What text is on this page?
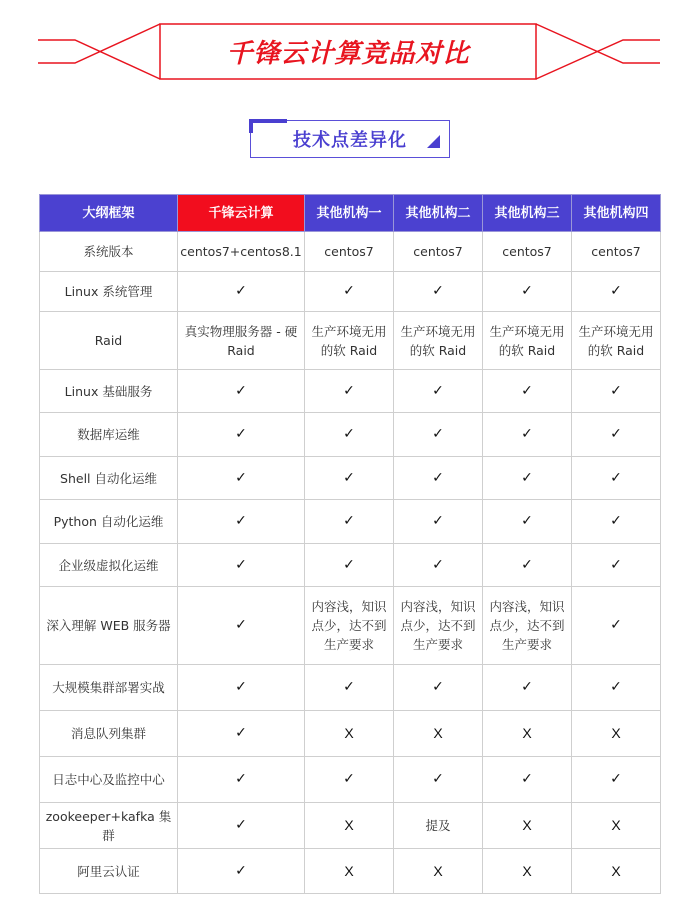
千锋云计算竞品对比
技术点差异化
大纲框架	千锋云计算	其他机构一	其他机构二	其他机构三	其他机构四
系统版本	centos7+centos8.1	centos7	centos7	centos7	centos7
Linux 系统管理	✓	✓	✓	✓	✓
Raid	真实物理服务器 - 硬 Raid	生产环境无用的软 Raid	生产环境无用的软 Raid	生产环境无用的软 Raid	生产环境无用的软 Raid
Linux 基础服务	✓	✓	✓	✓	✓
数据库运维	✓	✓	✓	✓	✓
Shell 自动化运维	✓	✓	✓	✓	✓
Python 自动化运维	✓	✓	✓	✓	✓
企业级虚拟化运维	✓	✓	✓	✓	✓
深入理解 WEB 服务器	✓	内容浅，知识点少，达不到生产要求	内容浅，知识点少，达不到生产要求	内容浅，知识点少，达不到生产要求	✓
大规模集群部署实战	✓	✓	✓	✓	✓
消息队列集群	✓	X	X	X	X
日志中心及监控中心	✓	✓	✓	✓	✓
zookeeper+kafka 集群	✓	X	提及	X	X
阿里云认证	✓	X	X	X	X
